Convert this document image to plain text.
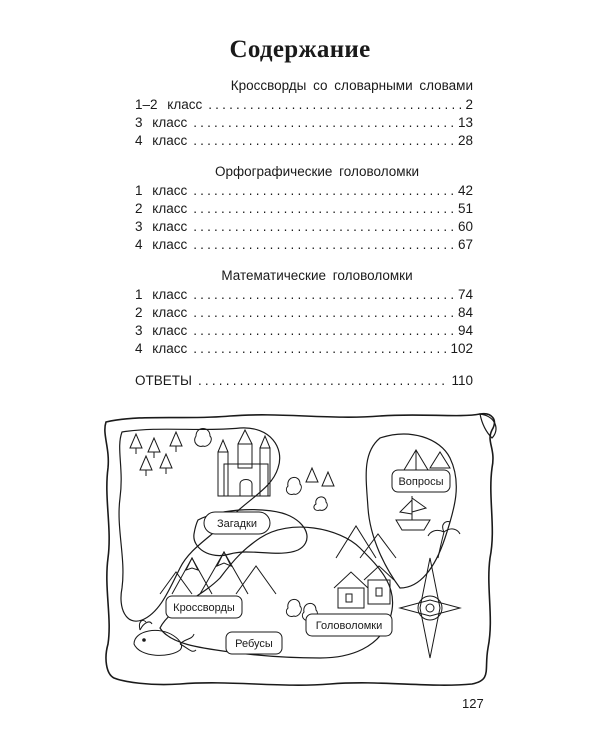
Содержание
Кроссворды со словарными словами
1–2 класс .....	2
3 класс .....	13
4 класс .....	28
Орфографические головоломки
1 класс .....	42
2 класс .....	51
3 класс .....	60
4 класс .....	67
Математические головоломки
1 класс .....	74
2 класс .....	84
3 класс .....	94
4 класс .....	102
ОТВЕТЫ .....	110
Загадки
Вопросы
Кроссворды
Ребусы
Головоломки
127
